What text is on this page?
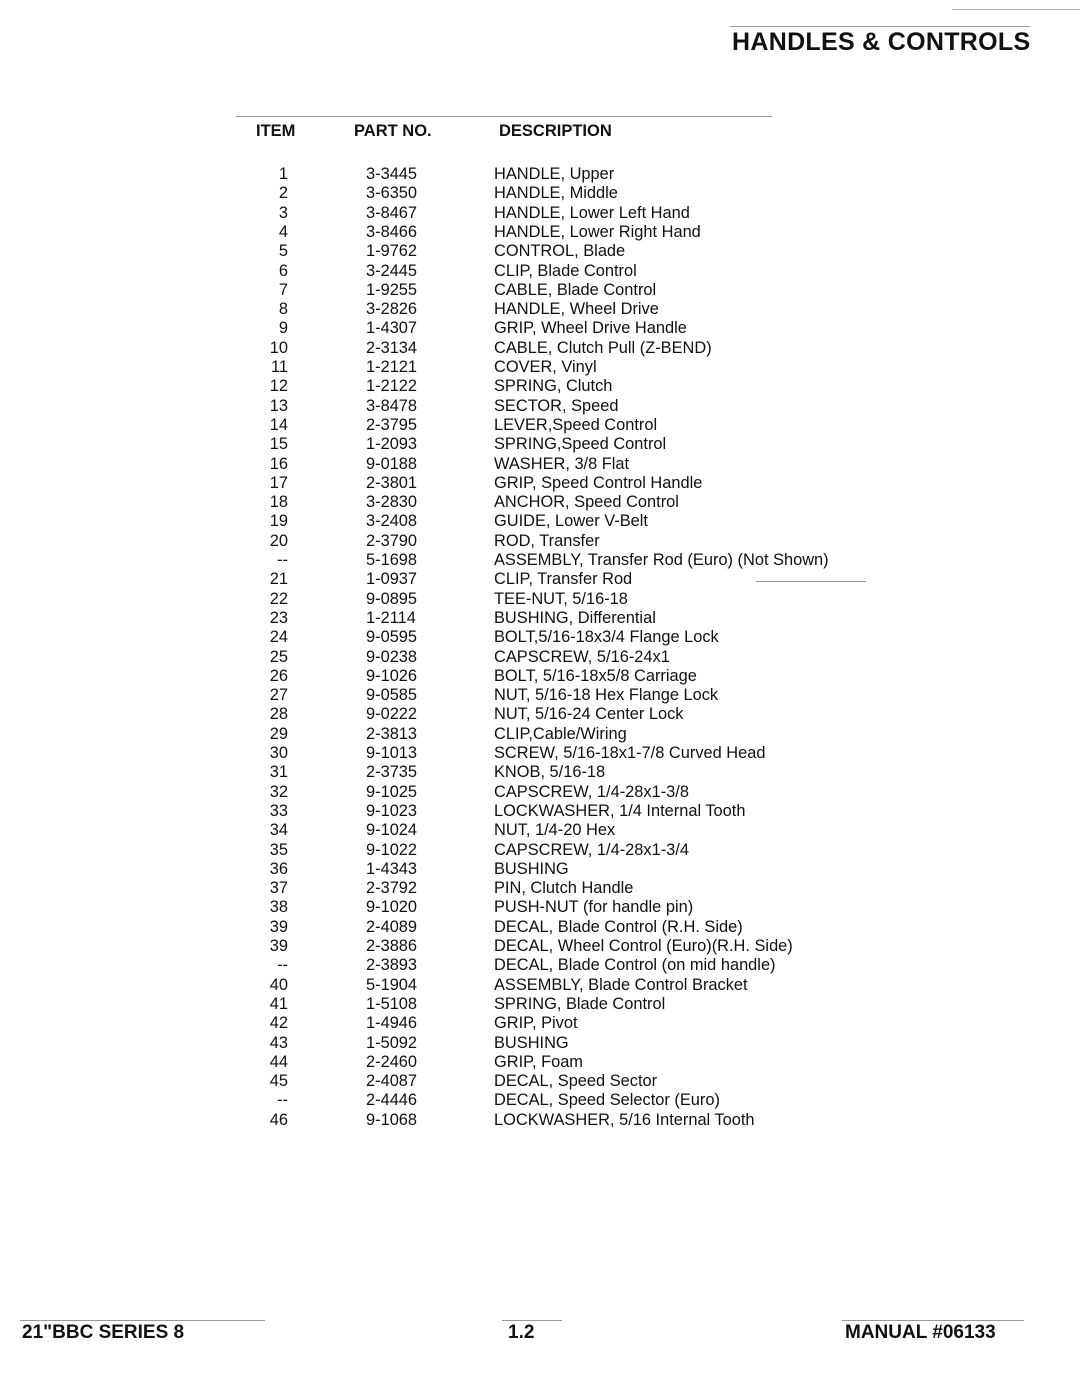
HANDLES & CONTROLS
ITEM	PART NO.	DESCRIPTION
1	3-3445	HANDLE, Upper
2	3-6350	HANDLE, Middle
3	3-8467	HANDLE, Lower Left Hand
4	3-8466	HANDLE, Lower Right Hand
5	1-9762	CONTROL, Blade
6	3-2445	CLIP, Blade Control
7	1-9255	CABLE, Blade Control
8	3-2826	HANDLE, Wheel Drive
9	1-4307	GRIP, Wheel Drive Handle
10	2-3134	CABLE, Clutch Pull (Z-BEND)
11	1-2121	COVER, Vinyl
12	1-2122	SPRING, Clutch
13	3-8478	SECTOR, Speed
14	2-3795	LEVER,Speed Control
15	1-2093	SPRING,Speed Control
16	9-0188	WASHER, 3/8 Flat
17	2-3801	GRIP, Speed Control Handle
18	3-2830	ANCHOR, Speed Control
19	3-2408	GUIDE, Lower V-Belt
20	2-3790	ROD, Transfer
--	5-1698	ASSEMBLY, Transfer Rod (Euro) (Not Shown)
21	1-0937	CLIP, Transfer Rod
22	9-0895	TEE-NUT, 5/16-18
23	1-2114	BUSHING, Differential
24	9-0595	BOLT,5/16-18x3/4 Flange Lock
25	9-0238	CAPSCREW, 5/16-24x1
26	9-1026	BOLT, 5/16-18x5/8 Carriage
27	9-0585	NUT, 5/16-18 Hex Flange Lock
28	9-0222	NUT, 5/16-24 Center Lock
29	2-3813	CLIP,Cable/Wiring
30	9-1013	SCREW, 5/16-18x1-7/8 Curved Head
31	2-3735	KNOB, 5/16-18
32	9-1025	CAPSCREW, 1/4-28x1-3/8
33	9-1023	LOCKWASHER, 1/4 Internal Tooth
34	9-1024	NUT, 1/4-20 Hex
35	9-1022	CAPSCREW, 1/4-28x1-3/4
36	1-4343	BUSHING
37	2-3792	PIN, Clutch Handle
38	9-1020	PUSH-NUT (for handle pin)
39	2-4089	DECAL, Blade Control (R.H. Side)
39	2-3886	DECAL, Wheel Control (Euro)(R.H. Side)
--	2-3893	DECAL, Blade Control (on mid handle)
40	5-1904	ASSEMBLY, Blade Control Bracket
41	1-5108	SPRING, Blade Control
42	1-4946	GRIP, Pivot
43	1-5092	BUSHING
44	2-2460	GRIP, Foam
45	2-4087	DECAL, Speed Sector
--	2-4446	DECAL, Speed Selector (Euro)
46	9-1068	LOCKWASHER, 5/16 Internal Tooth
21"BBC SERIES 8	1.2	MANUAL #06133
